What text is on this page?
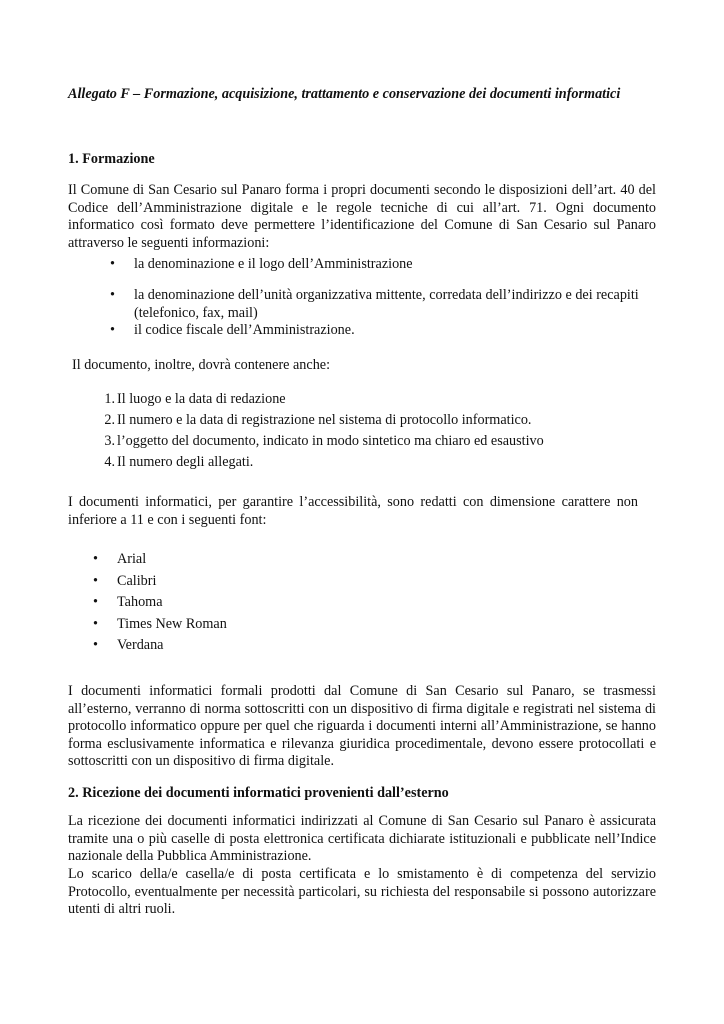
Allegato F – Formazione, acquisizione, trattamento e conservazione dei documenti informatici
1. Formazione
Il Comune di San Cesario sul Panaro forma i propri documenti secondo le disposizioni dell’art. 40 del Codice dell’Amministrazione digitale e le regole tecniche di cui all’art. 71. Ogni documento informatico così formato deve permettere l’identificazione del Comune di San Cesario sul Panaro attraverso le seguenti informazioni:
• la denominazione e il logo dell’Amministrazione
• la denominazione dell’unità organizzativa mittente, corredata dell’indirizzo e dei recapiti (telefonico, fax, mail)
• il codice fiscale dell’Amministrazione.
Il documento, inoltre, dovrà contenere anche:
1. Il luogo e la data di redazione
2. Il numero e la data di registrazione nel sistema di protocollo informatico.
3. l’oggetto del documento, indicato in modo sintetico ma chiaro ed esaustivo
4. Il numero degli allegati.
I documenti informatici, per garantire l’accessibilità, sono redatti con dimensione carattere non inferiore a 11 e con i seguenti font:
• Arial
• Calibri
• Tahoma
• Times New Roman
• Verdana
I documenti informatici formali prodotti dal Comune di San Cesario sul Panaro, se trasmessi all’esterno, verranno di norma sottoscritti con un dispositivo di firma digitale e registrati nel sistema di protocollo informatico oppure per quel che riguarda i documenti interni all’Amministrazione, se hanno forma esclusivamente informatica e rilevanza giuridica procedimentale, devono essere protocollati e sottoscritti con un dispositivo di firma digitale.
2. Ricezione dei documenti informatici provenienti dall’esterno
La ricezione dei documenti informatici indirizzati al Comune di San Cesario sul Panaro è assicurata tramite una o più caselle di posta elettronica certificata dichiarate istituzionali e pubblicate nell’Indice nazionale della Pubblica Amministrazione.
Lo scarico della/e casella/e di posta certificata e lo smistamento è di competenza del servizio Protocollo, eventualmente per necessità particolari, su richiesta del responsabile si possono autorizzare utenti di altri ruoli.
